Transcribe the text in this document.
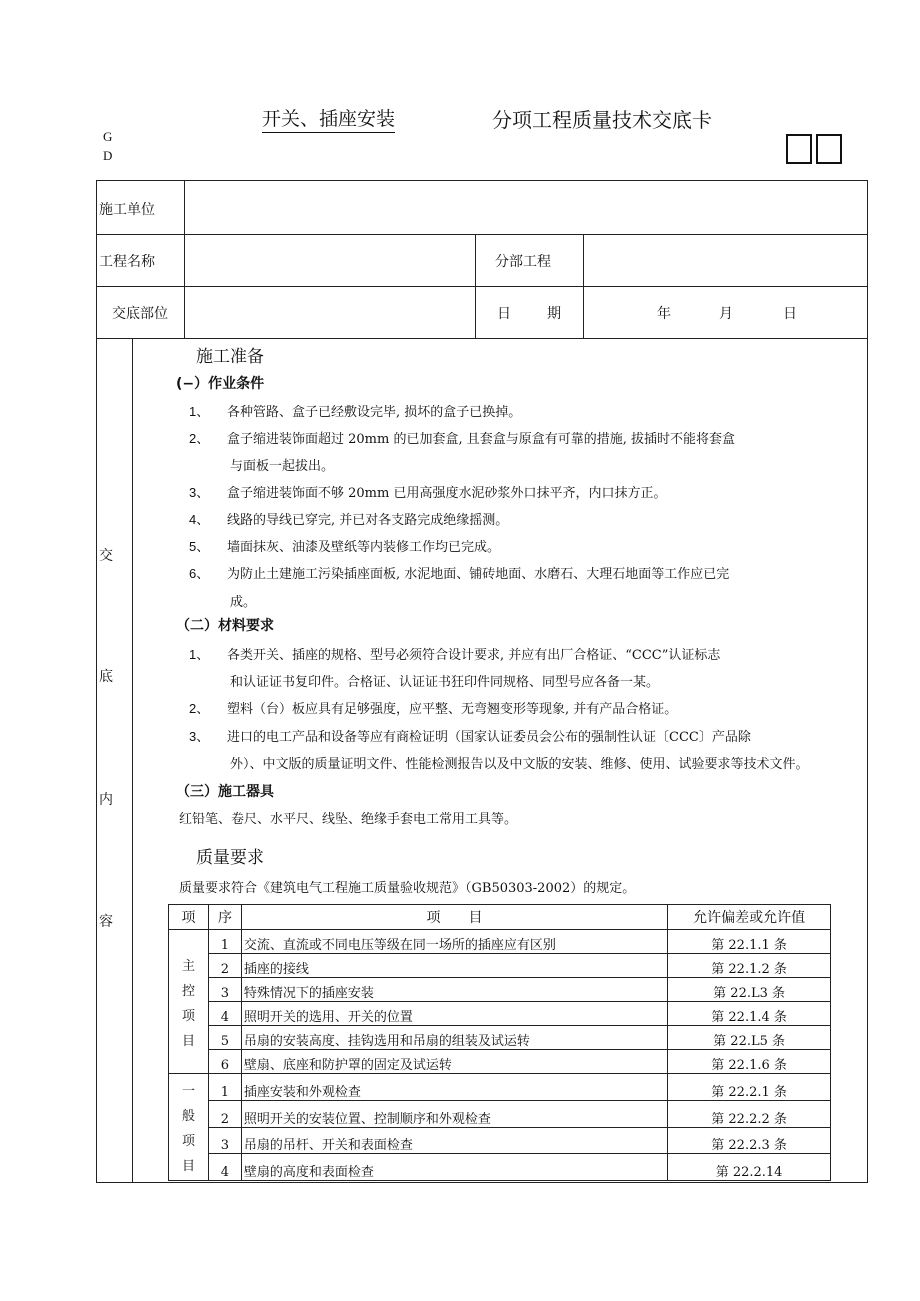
开关、插座安装	分项工程质量技术交底卡
G
D
施工单位
工程名称	分部工程
交底部位	日	期	年	月	日
交
底
内
容
施工准备
(−）作业条件
1、 各种管路、盒子已经敷设完毕, 损坏的盒子已换掉。
2、 盒子缩进装饰面超过 20mm 的已加套盒, 且套盒与原盒有可靠的措施, 拔插时不能将套盒
与面板一起拔出。
3、 盒子缩进装饰面不够 20mm 已用高强度水泥砂浆外口抹平齐，内口抹方正。
4、 线路的导线已穿完, 并已对各支路完成绝缘摇测。
5、 墙面抹灰、油漆及壁纸等内装修工作均已完成。
6、 为防止土建施工污染插座面板, 水泥地面、铺砖地面、水磨石、大理石地面等工作应已完
成。
（二）材料要求
1、 各类开关、插座的规格、型号必须符合设计要求, 并应有出厂合格证、“CCC”认证标志
和认证证书复印件。合格证、认证证书狂印件同规格、同型号应各备一某。
2、 塑料（台）板应具有足够强度，应平整、无弯翘变形等现象, 并有产品合格证。
3、 进口的电工产品和设备等应有商检证明（国家认证委员会公布的强制性认证〔CCC〕产品除
外）、中文版的质量证明文件、性能检测报告以及中文版的安装、维修、使用、试验要求等技术文件。
（三）施工器具
红铅笔、卷尺、水平尺、线坠、绝缘手套电工常用工具等。
质量要求
质量要求符合《建筑电气工程施工质量验收规范》（GB50303-2002）的规定。
项	序	项　　目	允许偏差或允许值

主
控
项
目	1	交流、直流或不同电压等级在同一场所的插座应有区别	第 22.1.1 条
	2	插座的接线	第 22.1.2 条
	3	特殊情况下的插座安装	第 22.L3 条
	4	照明开关的选用、开关的位置	第 22.1.4 条
	5	吊扇的安装高度、挂钩选用和吊扇的组装及试运转	第 22.L5 条
	6	壁扇、底座和防护罩的固定及试运转	第 22.1.6 条

一
般
项
目	1	插座安装和外观检查	第 22.2.1 条
	2	照明开关的安装位置、控制顺序和外观检查	第 22.2.2 条
	3	吊扇的吊杆、开关和表面检查	第 22.2.3 条
	4	壁扇的高度和表面检查	第 22.2.14
